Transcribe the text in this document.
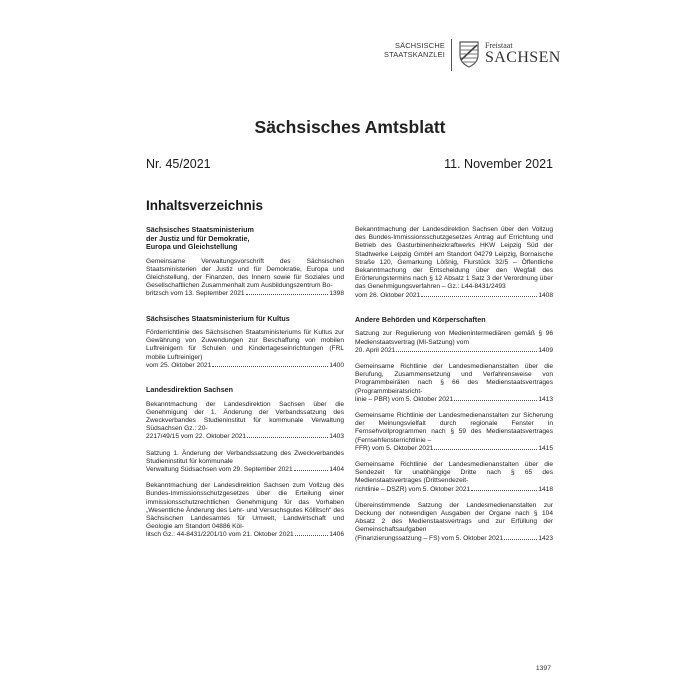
SÄCHSISCHE
STAATSKANZLEI
Freistaat
SACHSEN
Sächsisches Amtsblatt
Nr. 45/2021	11. November 2021
Inhaltsverzeichnis
Sächsisches Staatsministerium
der Justiz und für Demokratie,
Europa und Gleichstellung
Gemeinsame Verwaltungsvorschrift des Sächsischen Staatsministerien der Justiz und für Demokratie, Europa und Gleichstellung, der Finanzen, des Innern sowie für Soziales und Gesellschaftlichen Zusammenhalt zum Ausbildungszentrum Bo-
britzsch vom 13. September 2021	1398
Sächsisches Staatsministerium für Kultus
Förderrichtlinie des Sächsischen Staatsministeriums für Kultus zur Gewährung von Zuwendungen zur Beschaffung von mobilen Luftreinigern für Schulen und Kindertageseinrichtungen (FRL mobile Luftreiniger)
vom 25. Oktober 2021	1400
Landesdirektion Sachsen
Bekanntmachung der Landesdirektion Sachsen über die Genehmigung der 1. Änderung der Verbandssatzung des Zweckverbandes Studieninstitut für kommunale Verwaltung Südsachsen Gz.: 20-
2217/49/15 vom 22. Oktober 2021	1403
Satzung 1. Änderung der Verbandssatzung des Zweckverbandes Studieninstitut für kommunale
Verwaltung Südsachsen vom 29. September 2021	1404
Bekanntmachung der Landesdirektion Sachsen zum Vollzug des Bundes-Immissionsschutzgesetzes über die Erteilung einer immissionsschutzrechtlichen Genehmigung für das Vorhaben „Wesentliche Änderung des Lehr- und Versuchsgutes Köllitsch“ des Sächsischen Landesamtes für Umwelt, Landwirtschaft und Geologie am Standort 04886 Köl-
litsch Gz.: 44-8431/2201/10 vom 21. Oktober 2021	1406
Bekanntmachung der Landesdirektion Sachsen über den Vollzug des Bundes-Immissionsschutzgesetzes Antrag auf Errichtung und Betrieb des Gasturbinenheizkraftwerks HKW Leipzig Süd der Stadtwerke Leipzig GmbH am Standort 04279 Leipzig, Bornaische Straße 120, Gemarkung Lößnig, Flurstück 32/5 – Öffentliche Bekanntmachung der Entscheidung über den Wegfall des Erörterungstermins nach § 12 Absatz 1 Satz 3 der Verordnung über das Genehmigungsverfahren – Gz.: L44-8431/2493
vom 26. Oktober 2021	1408
Andere Behörden und Körperschaften
Satzung zur Regulierung von Medienintermediären gemäß § 96 Medienstaatsvertrag (MI-Satzung) vom
20. April 2021	1409
Gemeinsame Richtlinie der Landesmedienanstalten über die Berufung, Zusammensetzung und Verfahrensweise von Programmbeiräten nach § 66 des Medienstaatsvertrages (Programmbeiratsricht-
linie – PBR) vom 5. Oktober 2021	1413
Gemeinsame Richtlinie der Landesmedienanstalten zur Sicherung der Meinungsvielfalt durch regionale Fenster in Fernsehvollprogrammen nach § 59 des Medienstaatsvertrages (Fernsehfensterrichtlinie –
FFR) vom 5. Oktober 2021	1415
Gemeinsame Richtlinie der Landesmedienanstalten über die Sendezeit für unabhängige Dritte nach § 65 des Medienstaatsvertrages (Drittsendezeit-
richtlinie – DSZR) vom 5. Oktober 2021	1418
Übereinstimmende Satzung der Landesmedienanstalten zur Deckung der notwendigen Ausgaben der Organe nach § 104 Absatz 2 des Medienstaatsvertrags und zur Erfüllung der Gemeinschaftsaufgaben
(Finanzierungssatzung – FS) vom 5. Oktober 2021	1423
1397
